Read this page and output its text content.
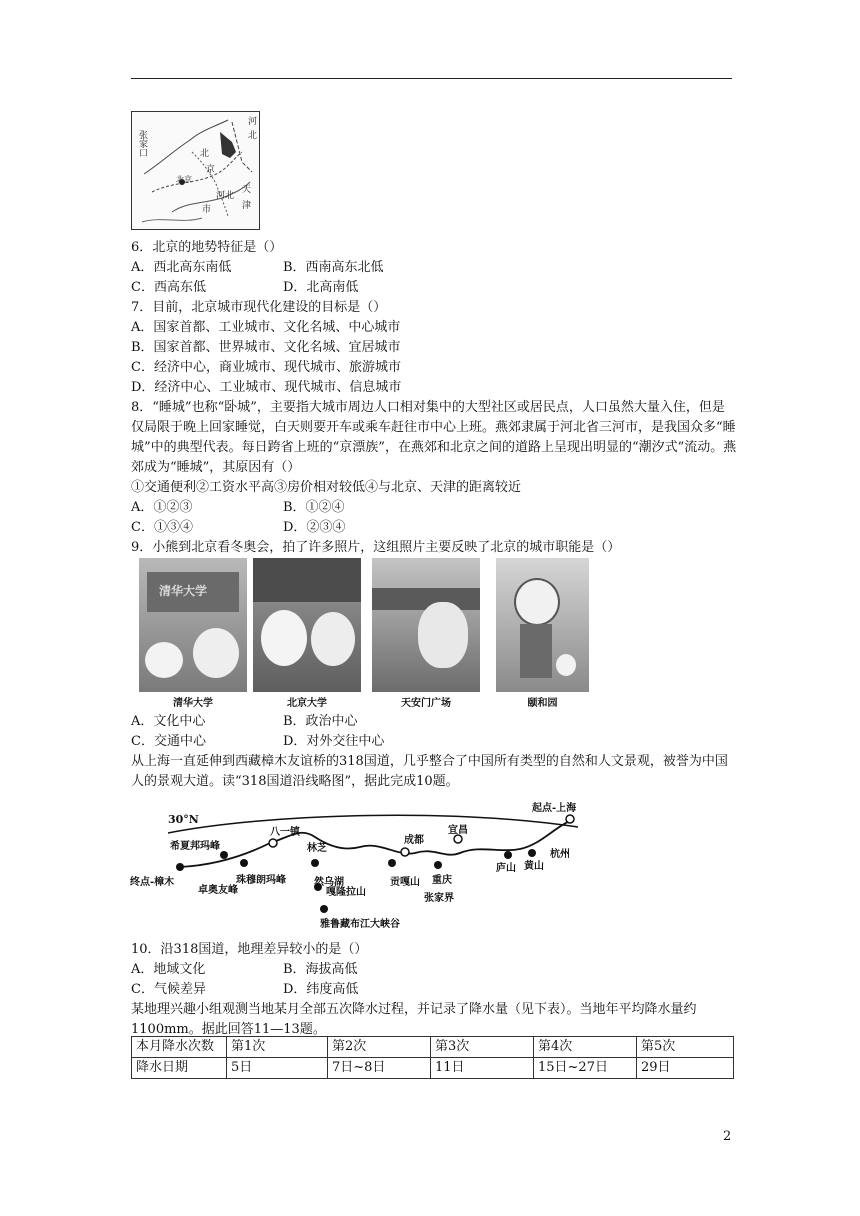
张家口
河
北
北
京
天
津
市
河北
北京
6．北京的地势特征是（）
A．西北高东南低	B．西南高东北低
C．西高东低	D．北高南低
7．目前，北京城市现代化建设的目标是（）
A．国家首都、工业城市、文化名城、中心城市
B．国家首都、世界城市、文化名城、宜居城市
C．经济中心，商业城市、现代城市、旅游城市
D．经济中心、工业城市、现代城市、信息城市
8．“睡城”也称“卧城”，主要指大城市周边人口相对集中的大型社区或居民点，人口虽然大量入住，但是仅局限于晚上回家睡觉，白天则要开车或乘车赶往市中心上班。燕郊隶属于河北省三河市，是我国众多“睡城”中的典型代表。每日跨省上班的“京漂族”，在燕郊和北京之间的道路上呈现出明显的“潮汐式”流动。燕郊成为“睡城”，其原因有（）
①交通便利②工资水平高③房价相对较低④与北京、天津的距离较近
A．①②③	B．①②④
C．①③④	D．②③④
9．小熊到北京看冬奥会，拍了许多照片，这组照片主要反映了北京的城市职能是（）
清华大学
清华大学	北京大学	天安门广场	颐和园
A．文化中心	B．政治中心
C．交通中心	D．对外交往中心
从上海一直延伸到西藏樟木友谊桥的318国道，几乎整合了中国所有类型的自然和人文景观，被誉为中国人的景观大道。读“318国道沿线略图”，据此完成10题。
30°N
起点-上海
终点-樟木
希夏邦玛峰
八一镇
林芝
成都
宜昌
杭州
卓奥友峰
珠穆朗玛峰	然乌湖
嘎隆拉山
贡嘎山 重庆
庐山 黄山
张家界
雅鲁藏布江大峡谷
10．沿318国道，地理差异较小的是（）
A．地域文化	B．海拔高低
C．气候差异	D．纬度高低
某地理兴趣小组观测当地某月全部五次降水过程，并记录了降水量（见下表）。当地年平均降水量约1100mm。据此回答11—13题。
本月降水次数	第1次	第2次	第3次	第4次	第5次
降水日期	5日	7日~8日	11日	15日~27日	29日
2
